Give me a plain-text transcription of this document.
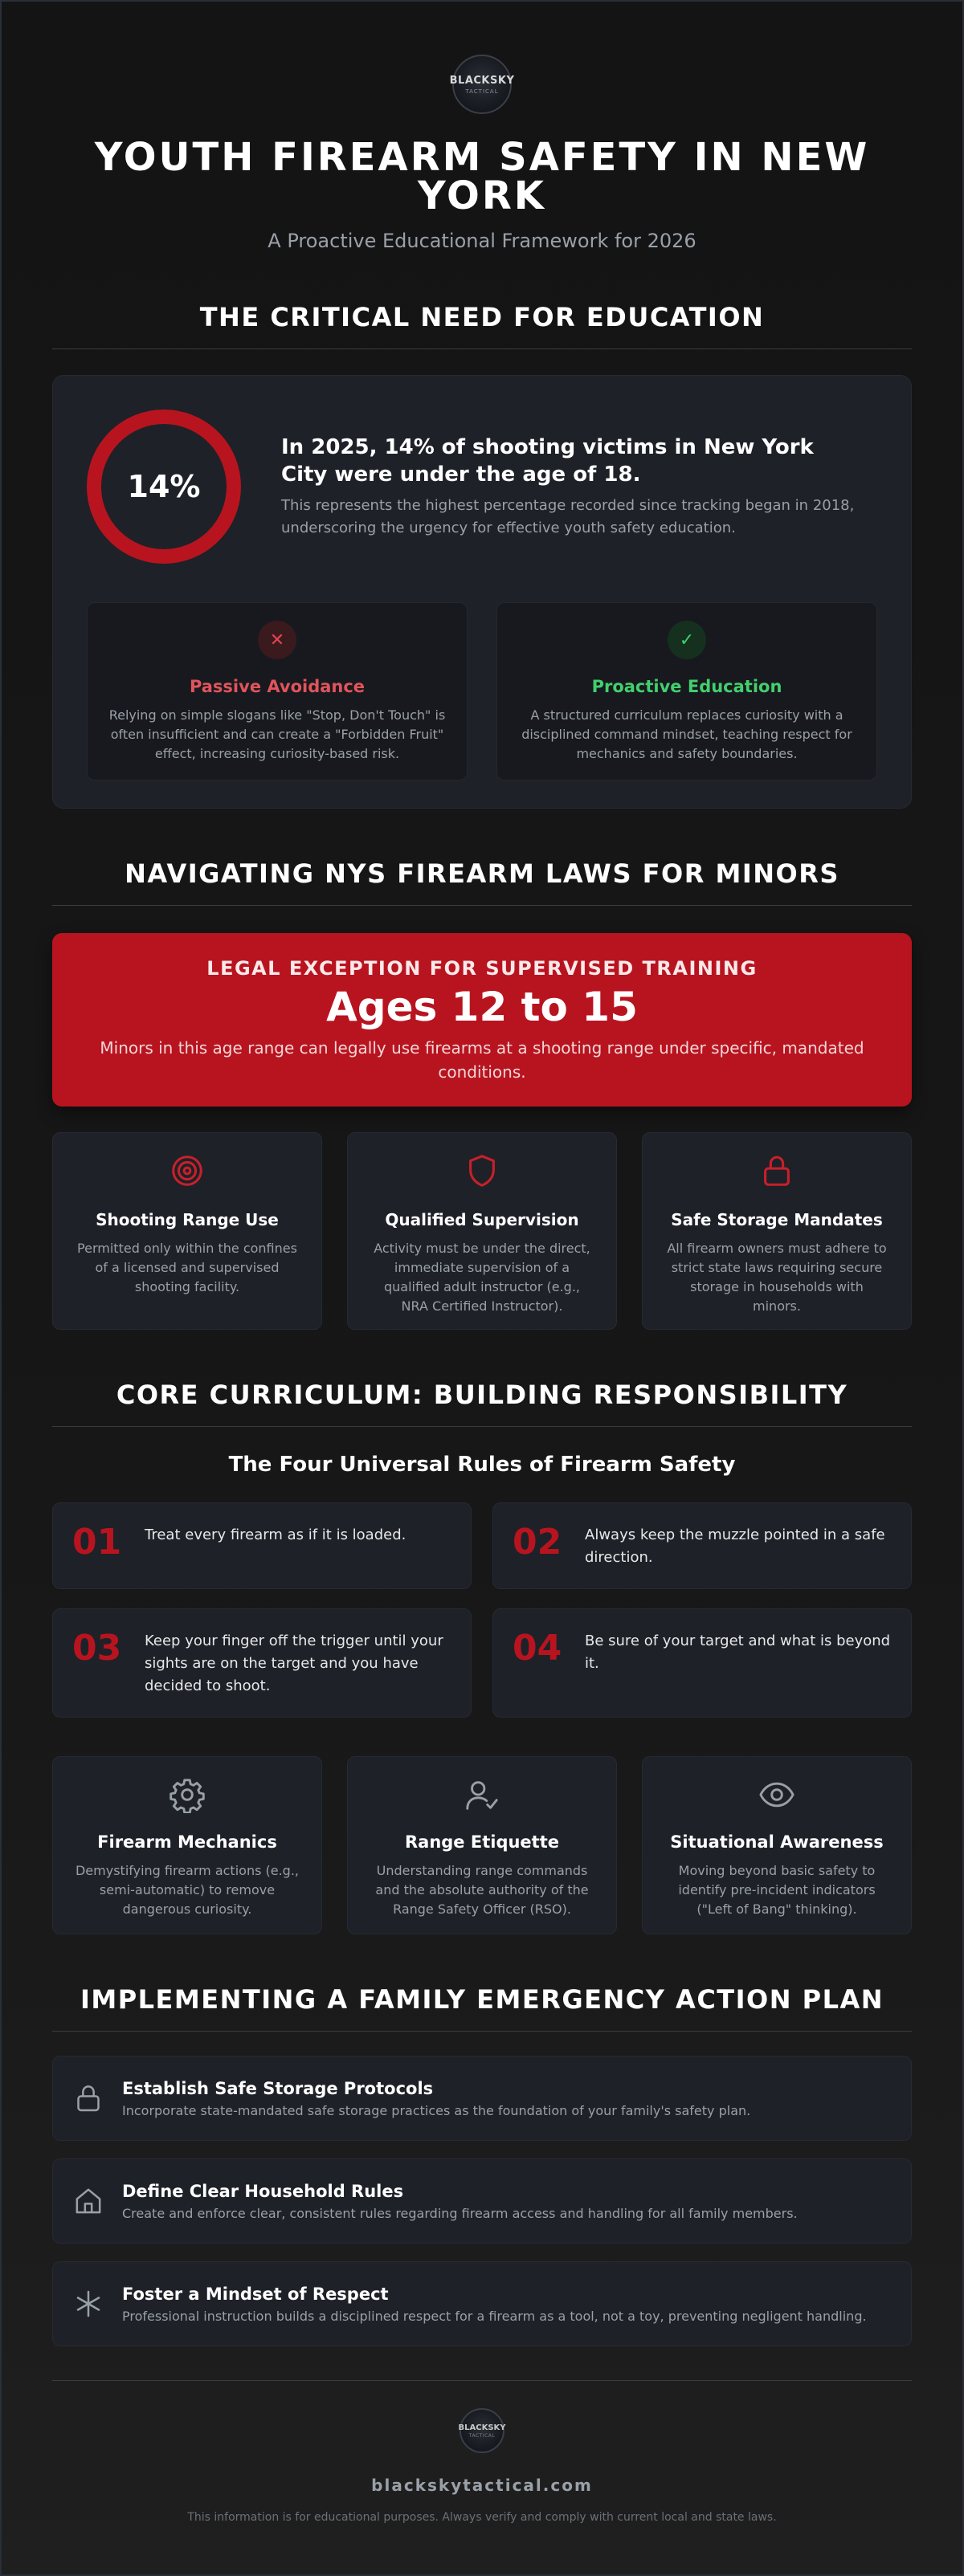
BLACKSKY
TACTICAL
YOUTH FIREARM SAFETY IN NEW YORK
A Proactive Educational Framework for 2026
THE CRITICAL NEED FOR EDUCATION
14%
In 2025, 14% of shooting victims in New York City were under the age of 18.
This represents the highest percentage recorded since tracking began in 2018, underscoring the urgency for effective youth safety education.
✕
Passive Avoidance
Relying on simple slogans like "Stop, Don't Touch" is often insufficient and can create a "Forbidden Fruit" effect, increasing curiosity-based risk.
✓
Proactive Education
A structured curriculum replaces curiosity with a disciplined command mindset, teaching respect for mechanics and safety boundaries.
NAVIGATING NYS FIREARM LAWS FOR MINORS
LEGAL EXCEPTION FOR SUPERVISED TRAINING
Ages 12 to 15
Minors in this age range can legally use firearms at a shooting range under specific, mandated conditions.
Shooting Range Use
Permitted only within the confines of a licensed and supervised shooting facility.
Qualified Supervision
Activity must be under the direct, immediate supervision of a qualified adult instructor (e.g., NRA Certified Instructor).
Safe Storage Mandates
All firearm owners must adhere to strict state laws requiring secure storage in households with minors.
CORE CURRICULUM: BUILDING RESPONSIBILITY
The Four Universal Rules of Firearm Safety
01	Treat every firearm as if it is loaded.	02	Always keep the muzzle pointed in a safe direction.
03	Keep your finger off the trigger until your sights are on the target and you have decided to shoot.
04	Be sure of your target and what is beyond it.
Firearm Mechanics
Demystifying firearm actions (e.g., semi-automatic) to remove dangerous curiosity.
Range Etiquette
Understanding range commands and the absolute authority of the Range Safety Officer (RSO).
Situational Awareness
Moving beyond basic safety to identify pre-incident indicators ("Left of Bang" thinking).
IMPLEMENTING A FAMILY EMERGENCY ACTION PLAN
Establish Safe Storage Protocols
Incorporate state-mandated safe storage practices as the foundation of your family's safety plan.
Define Clear Household Rules
Create and enforce clear, consistent rules regarding firearm access and handling for all family members.
Foster a Mindset of Respect
Professional instruction builds a disciplined respect for a firearm as a tool, not a toy, preventing negligent handling.
BLACKSKY
TACTICAL
blackskytactical.com
This information is for educational purposes. Always verify and comply with current local and state laws.
